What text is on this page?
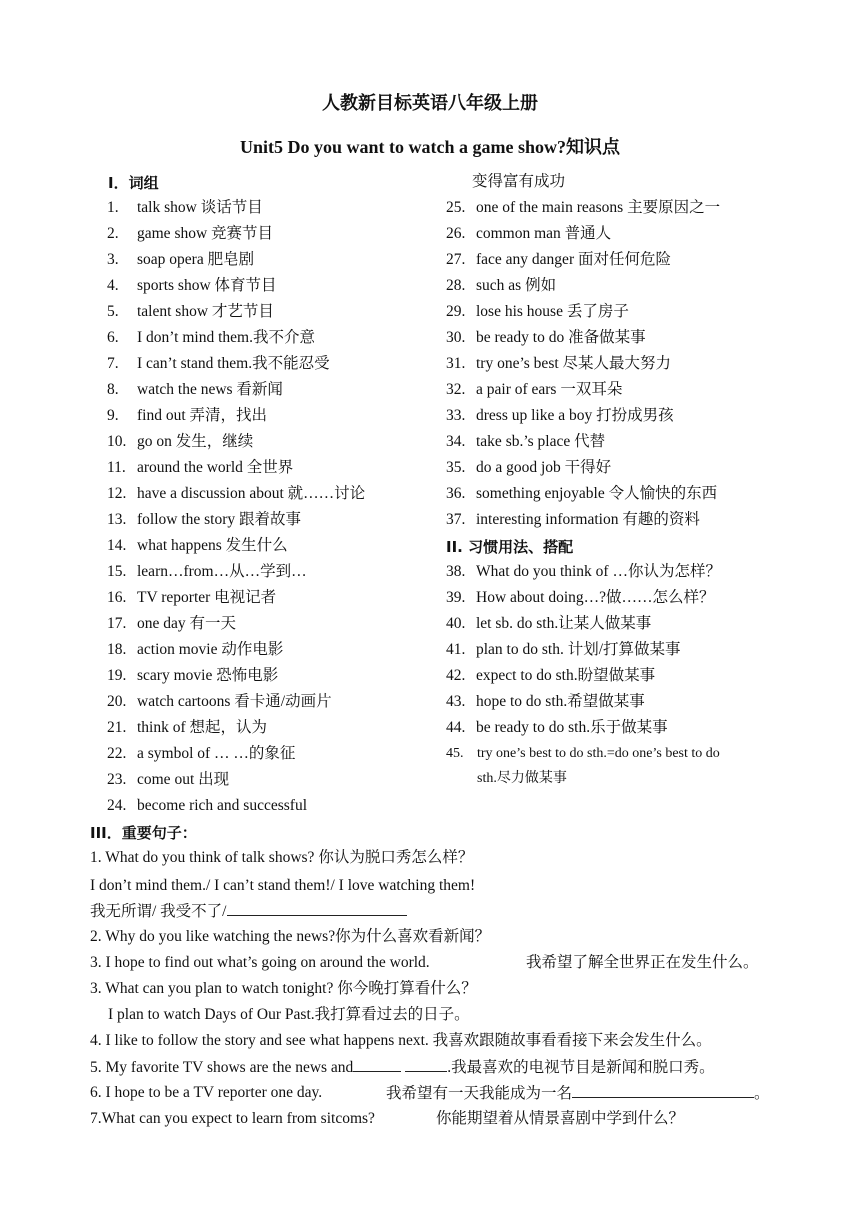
人教新目标英语八年级上册
Unit5 Do you want to watch a game show?知识点
I．词组
1. talk show 谈话节目
2. game show 竞赛节目
3. soap opera 肥皂剧
4. sports show 体育节目
5. talent show 才艺节目
6. I don’t mind them.我不介意
7. I can’t stand them.我不能忍受
8. watch the news 看新闻
9. find out 弄清，找出
10. go on 发生，继续
11. around the world 全世界
12. have a discussion about 就……讨论
13. follow the story 跟着故事
14. what happens 发生什么
15. learn…from…从…学到…
16. TV reporter 电视记者
17. one day 有一天
18. action movie 动作电影
19. scary movie 恐怖电影
20. watch cartoons 看卡通/动画片
21. think of 想起，认为
22. a symbol of … …的象征
23. come out 出现
24. become rich and successful
变得富有成功
25. one of the main reasons 主要原因之一
26. common man 普通人
27. face any danger 面对任何危险
28. such as 例如
29. lose his house 丢了房子
30. be ready to do 准备做某事
31. try one’s best 尽某人最大努力
32. a pair of ears 一双耳朵
33. dress up like a boy 打扮成男孩
34. take sb.’s place 代替
35. do a good job 干得好
36. something enjoyable 令人愉快的东西
37. interesting information 有趣的资料
II. 习惯用法、搭配
38. What do you think of …你认为怎样？
39. How about doing…?做……怎么样？
40. let sb. do sth.让某人做某事
41. plan to do sth. 计划/打算做某事
42. expect to do sth.盼望做某事
43. hope to do sth.希望做某事
44. be ready to do sth.乐于做某事
45. try one’s best to do sth.=do one’s best to do
sth.尽力做某事
III．重要句子：
1. What do you think of talk shows? 你认为脱口秀怎么样？
I don’t mind them./ I can’t stand them!/ I love watching them!
我无所谓/ 我受不了/
2. Why do you like watching the news?你为什么喜欢看新闻？
3. I hope to find out what’s going on around the world.	我希望了解全世界正在发生什么。
3. What can you plan to watch tonight? 你今晚打算看什么？
I plan to watch Days of Our Past.我打算看过去的日子。
4. I like to follow the story and see what happens next. 我喜欢跟随故事看看接下来会发生什么。
5. My favorite TV shows are the news and	.我最喜欢的电视节目是新闻和脱口秀。
6. I hope to be a TV reporter one day.	我希望有一天我能成为一名	。
7.What can you expect to learn from sitcoms?	你能期望着从情景喜剧中学到什么？
